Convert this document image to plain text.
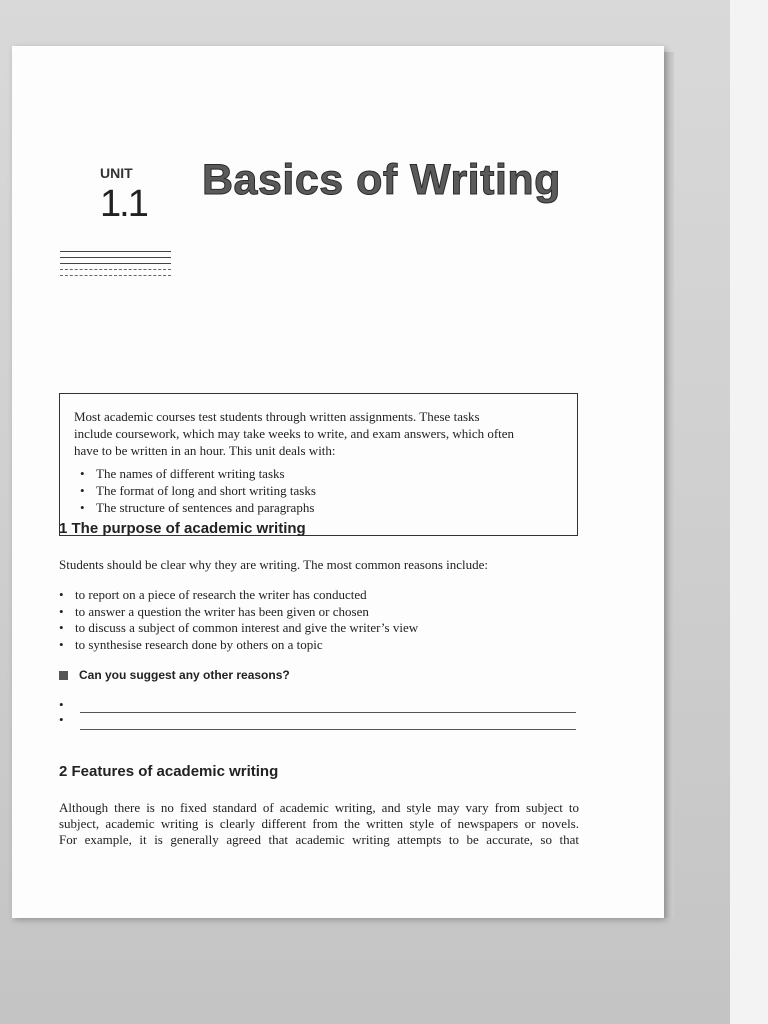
UNIT
1.1 Basics of Writing

Most academic courses test students through written assignments. These tasks
include coursework, which may take weeks to write, and exam answers, which often
have to be written in an hour. This unit deals with:

• The names of different writing tasks
• The format of long and short writing tasks
• The structure of sentences and paragraphs
1 The purpose of academic writing
Students should be clear why they are writing. The most common reasons include:
• to report on a piece of research the writer has conducted
• to answer a question the writer has been given or chosen
• to discuss a subject of common interest and give the writer’s view
• to synthesise research done by others on a topic
Can you suggest any other reasons?
•
•
2 Features of academic writing
Although there is no fixed standard of academic writing, and style may vary from subject to
subject, academic writing is clearly different from the written style of newspapers or novels.
For example, it is generally agreed that academic writing attempts to be accurate, so that
